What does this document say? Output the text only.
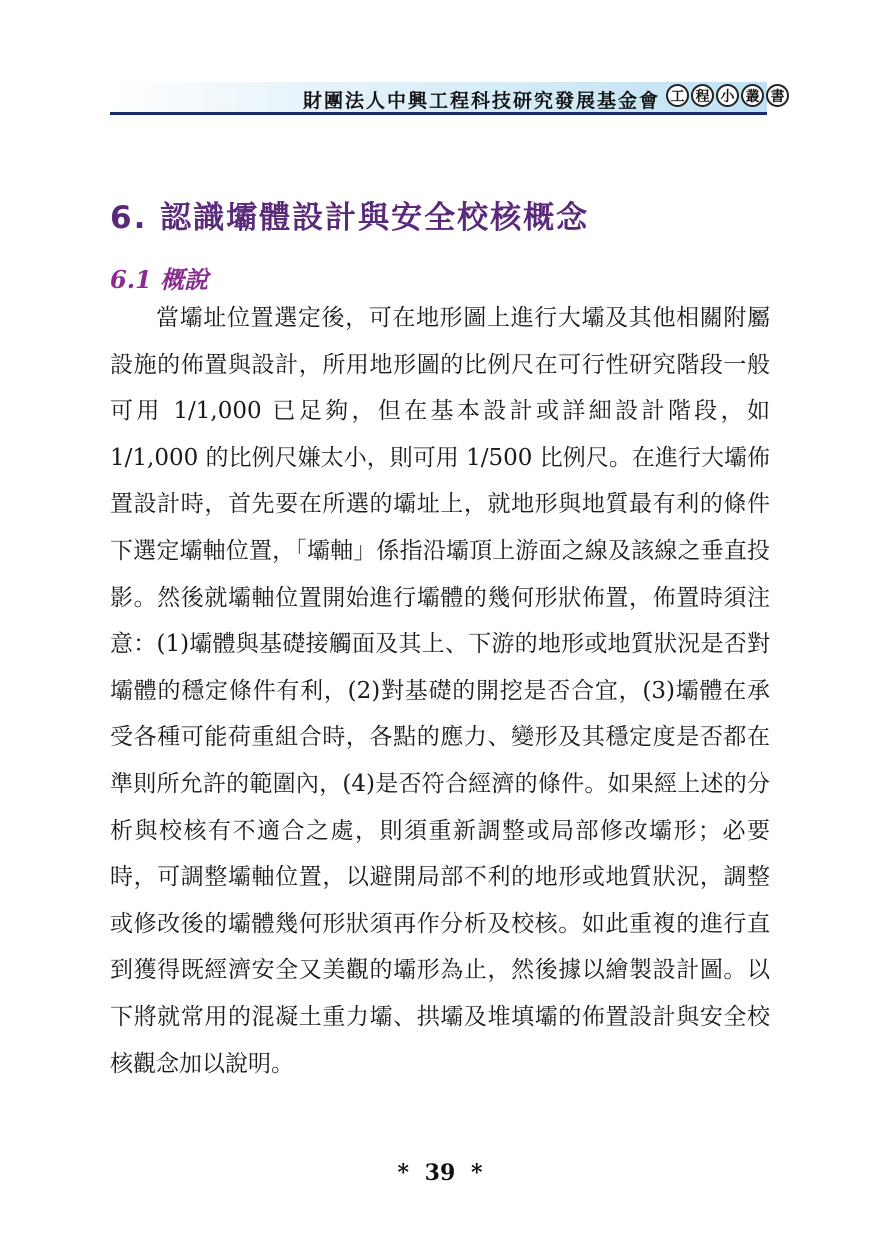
財團法人中興工程科技研究發展基金會 工 程 小 叢 書
6. 認識壩體設計與安全校核概念
6.1 概說

當壩址位置選定後，可在地形圖上進行大壩及其他相關附屬設施的佈置與設計，所用地形圖的比例尺在可行性研究階段一般可用 1/1,000 已足夠，但在基本設計或詳細設計階段，如 1/1,000 的比例尺嫌太小，則可用 1/500 比例尺。在進行大壩佈置設計時，首先要在所選的壩址上，就地形與地質最有利的條件下選定壩軸位置，「壩軸」係指沿壩頂上游面之線及該線之垂直投影。然後就壩軸位置開始進行壩體的幾何形狀佈置，佈置時須注意：(1)壩體與基礎接觸面及其上、下游的地形或地質狀況是否對壩體的穩定條件有利，(2)對基礎的開挖是否合宜，(3)壩體在承受各種可能荷重組合時，各點的應力、變形及其穩定度是否都在準則所允許的範圍內，(4)是否符合經濟的條件。如果經上述的分析與校核有不適合之處，則須重新調整或局部修改壩形；必要時，可調整壩軸位置，以避開局部不利的地形或地質狀況，調整或修改後的壩體幾何形狀須再作分析及校核。如此重複的進行直到獲得既經濟安全又美觀的壩形為止，然後據以繪製設計圖。以下將就常用的混凝土重力壩、拱壩及堆填壩的佈置設計與安全校核觀念加以說明。

* 39 *
